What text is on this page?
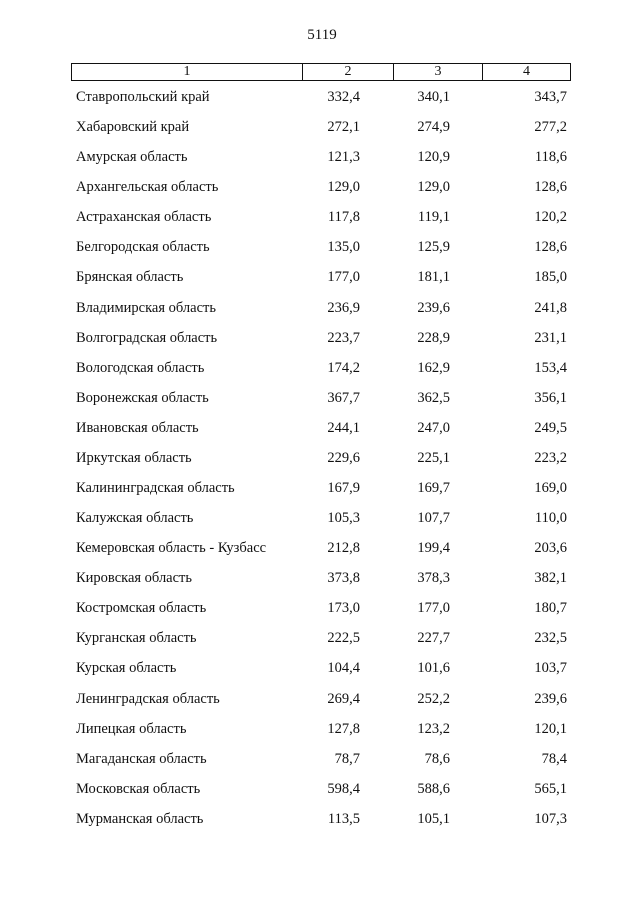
5119
1	2	3	4
Ставропольский край	332,4	340,1	343,7
Хабаровский край	272,1	274,9	277,2
Амурская область	121,3	120,9	118,6
Архангельская область	129,0	129,0	128,6
Астраханская область	117,8	119,1	120,2
Белгородская область	135,0	125,9	128,6
Брянская область	177,0	181,1	185,0
Владимирская область	236,9	239,6	241,8
Волгоградская область	223,7	228,9	231,1
Вологодская область	174,2	162,9	153,4
Воронежская область	367,7	362,5	356,1
Ивановская область	244,1	247,0	249,5
Иркутская область	229,6	225,1	223,2
Калининградская область	167,9	169,7	169,0
Калужская область	105,3	107,7	110,0
Кемеровская область - Кузбасс	212,8	199,4	203,6
Кировская область	373,8	378,3	382,1
Костромская область	173,0	177,0	180,7
Курганская область	222,5	227,7	232,5
Курская область	104,4	101,6	103,7
Ленинградская область	269,4	252,2	239,6
Липецкая область	127,8	123,2	120,1
Магаданская область	78,7	78,6	78,4
Московская область	598,4	588,6	565,1
Мурманская область	113,5	105,1	107,3
